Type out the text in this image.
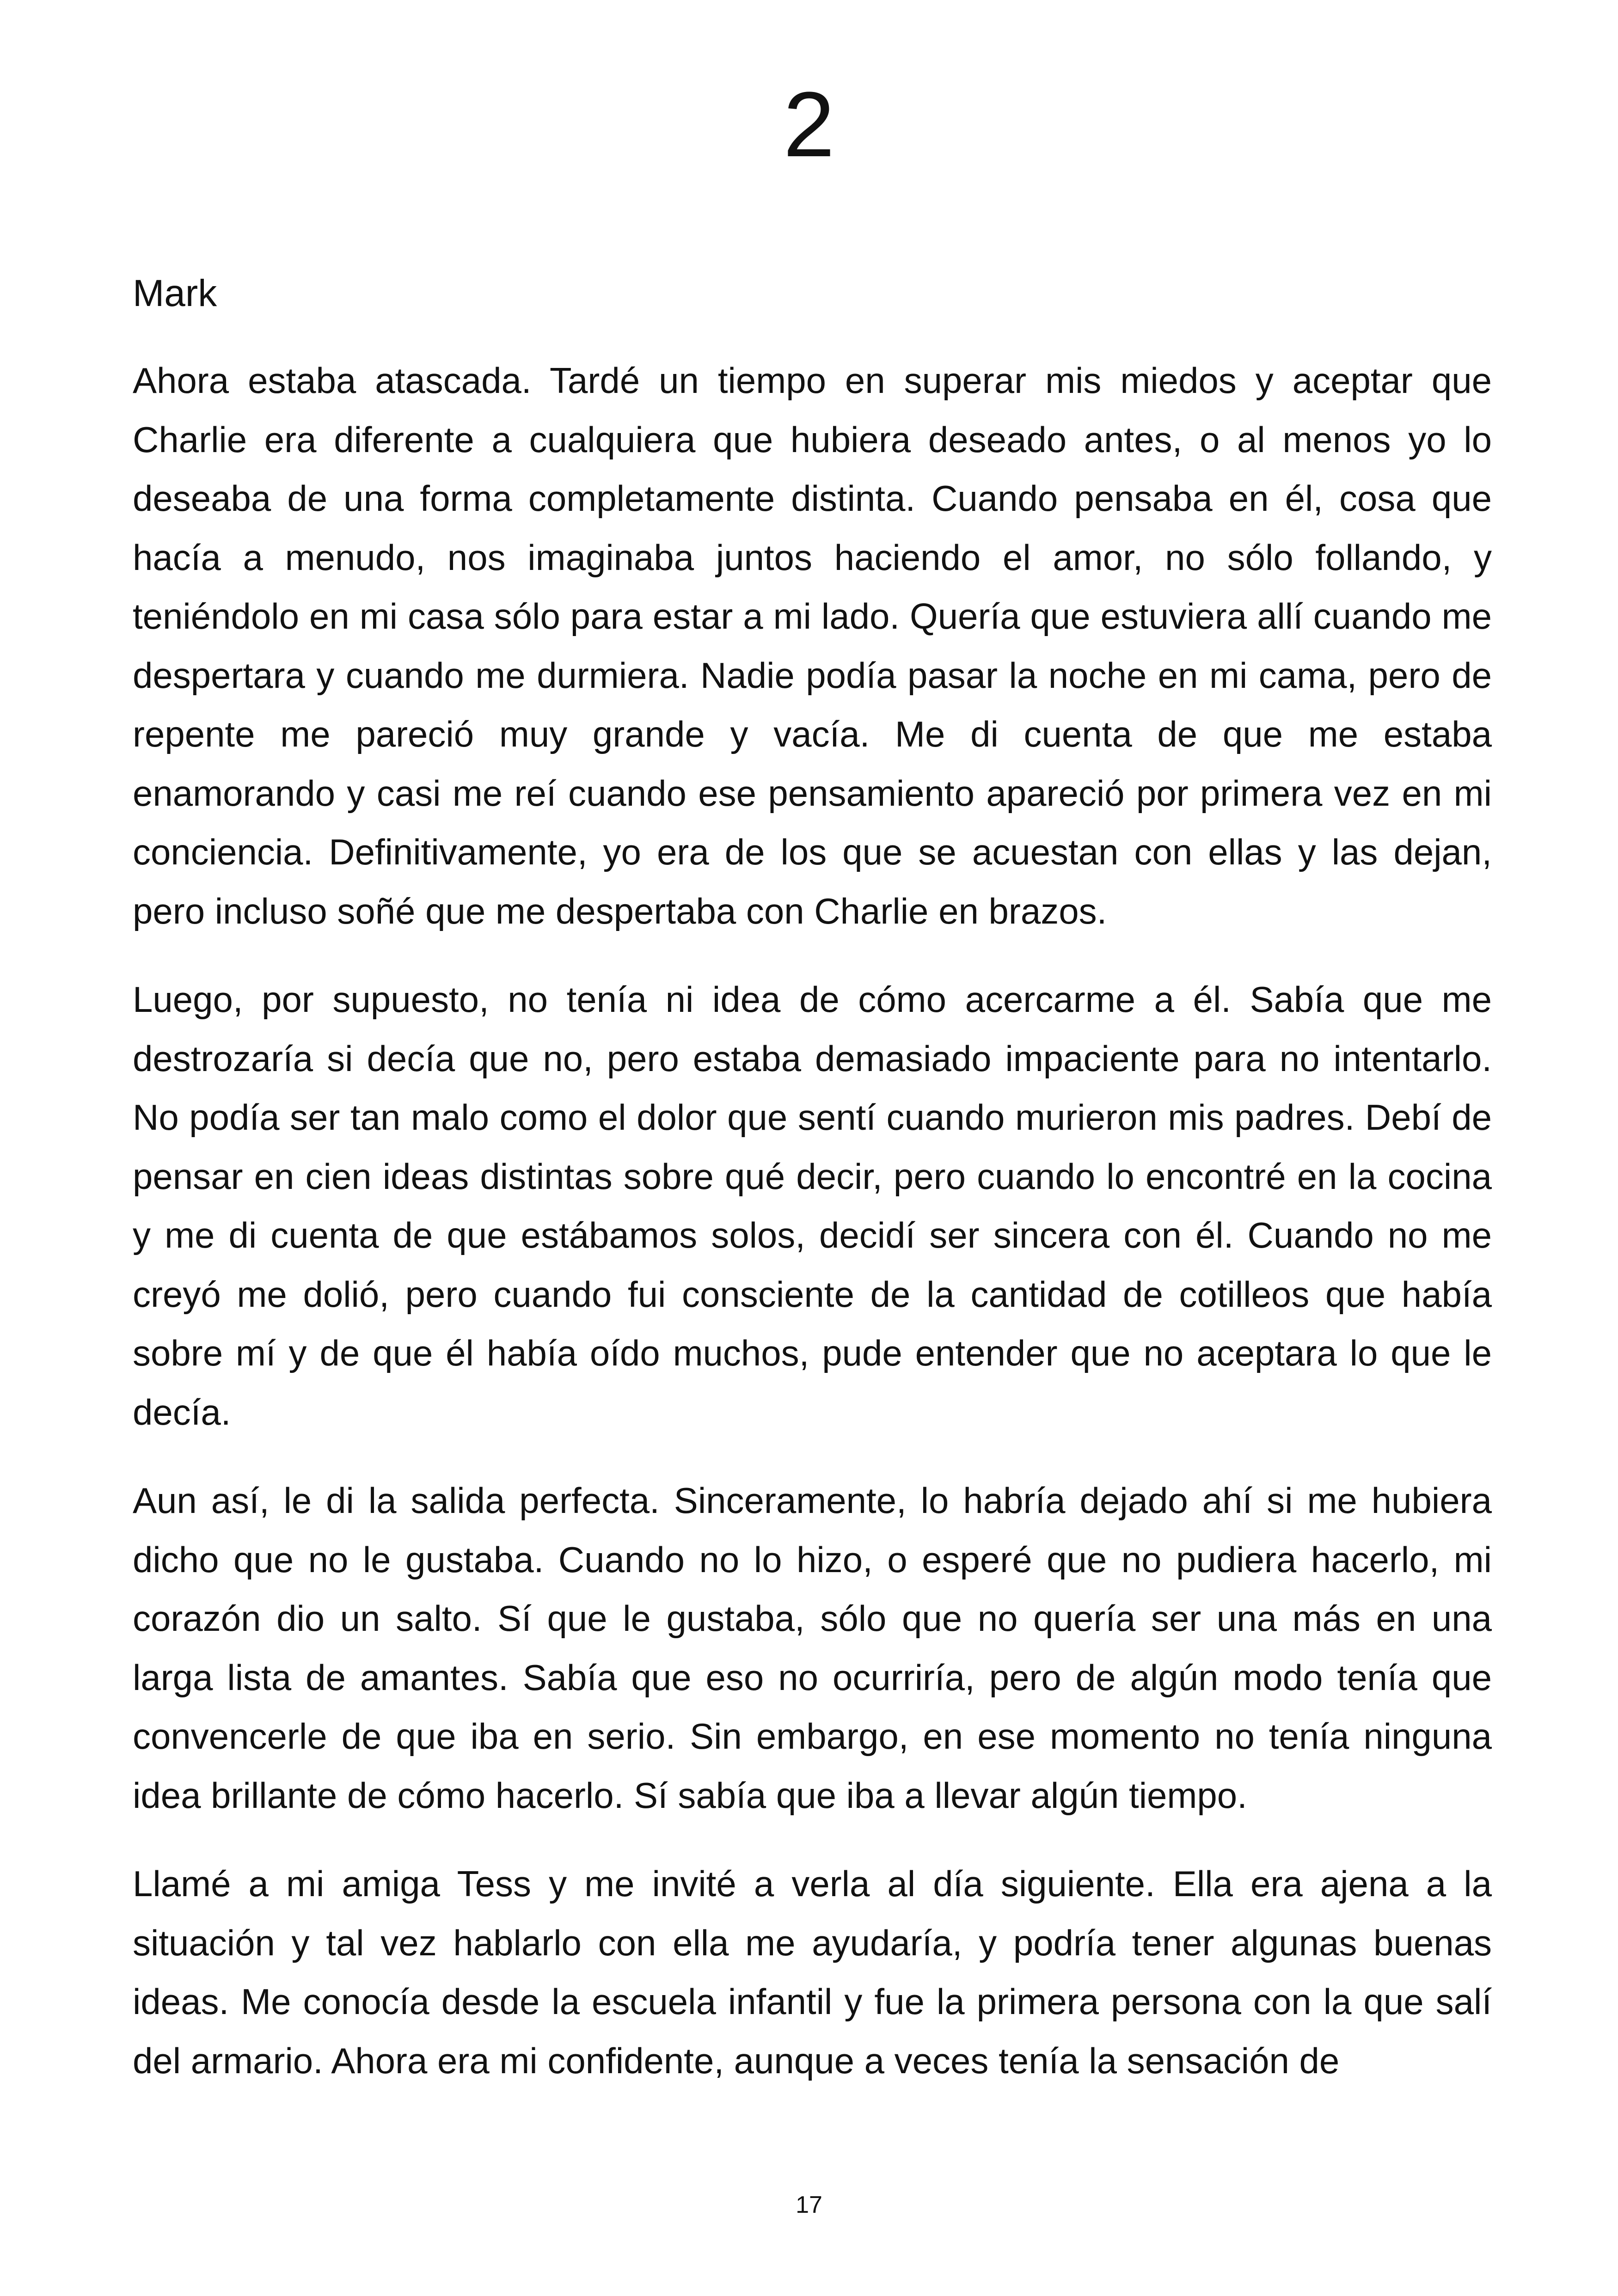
2

Mark

Ahora estaba atascada. Tardé un tiempo en superar mis miedos y aceptar que Charlie era diferente a cualquiera que hubiera deseado antes, o al menos yo lo deseaba de una forma completamente distinta. Cuando pensaba en él, cosa que hacía a menudo, nos imaginaba juntos haciendo el amor, no sólo follando, y teniéndolo en mi casa sólo para estar a mi lado. Quería que estuviera allí cuando me despertara y cuando me durmiera. Nadie podía pasar la noche en mi cama, pero de repente me pareció muy grande y vacía. Me di cuenta de que me estaba enamorando y casi me reí cuando ese pensamiento apareció por primera vez en mi conciencia. Definitivamente, yo era de los que se acuestan con ellas y las dejan, pero incluso soñé que me despertaba con Charlie en brazos.

Luego, por supuesto, no tenía ni idea de cómo acercarme a él. Sabía que me destrozaría si decía que no, pero estaba demasiado impaciente para no intentarlo. No podía ser tan malo como el dolor que sentí cuando murieron mis padres. Debí de pensar en cien ideas distintas sobre qué decir, pero cuando lo encontré en la cocina y me di cuenta de que estábamos solos, decidí ser sincera con él. Cuando no me creyó me dolió, pero cuando fui consciente de la cantidad de cotilleos que había sobre mí y de que él había oído muchos, pude entender que no aceptara lo que le decía.

Aun así, le di la salida perfecta. Sinceramente, lo habría dejado ahí si me hubiera dicho que no le gustaba. Cuando no lo hizo, o esperé que no pudiera hacerlo, mi corazón dio un salto. Sí que le gustaba, sólo que no quería ser una más en una larga lista de amantes. Sabía que eso no ocurriría, pero de algún modo tenía que convencerle de que iba en serio. Sin embargo, en ese momento no tenía ninguna idea brillante de cómo hacerlo. Sí sabía que iba a llevar algún tiempo.

Llamé a mi amiga Tess y me invité a verla al día siguiente. Ella era ajena a la situación y tal vez hablarlo con ella me ayudaría, y podría tener algunas buenas ideas. Me conocía desde la escuela infantil y fue la primera persona con la que salí del armario. Ahora era mi confidente, aunque a veces tenía la sensación de

17
